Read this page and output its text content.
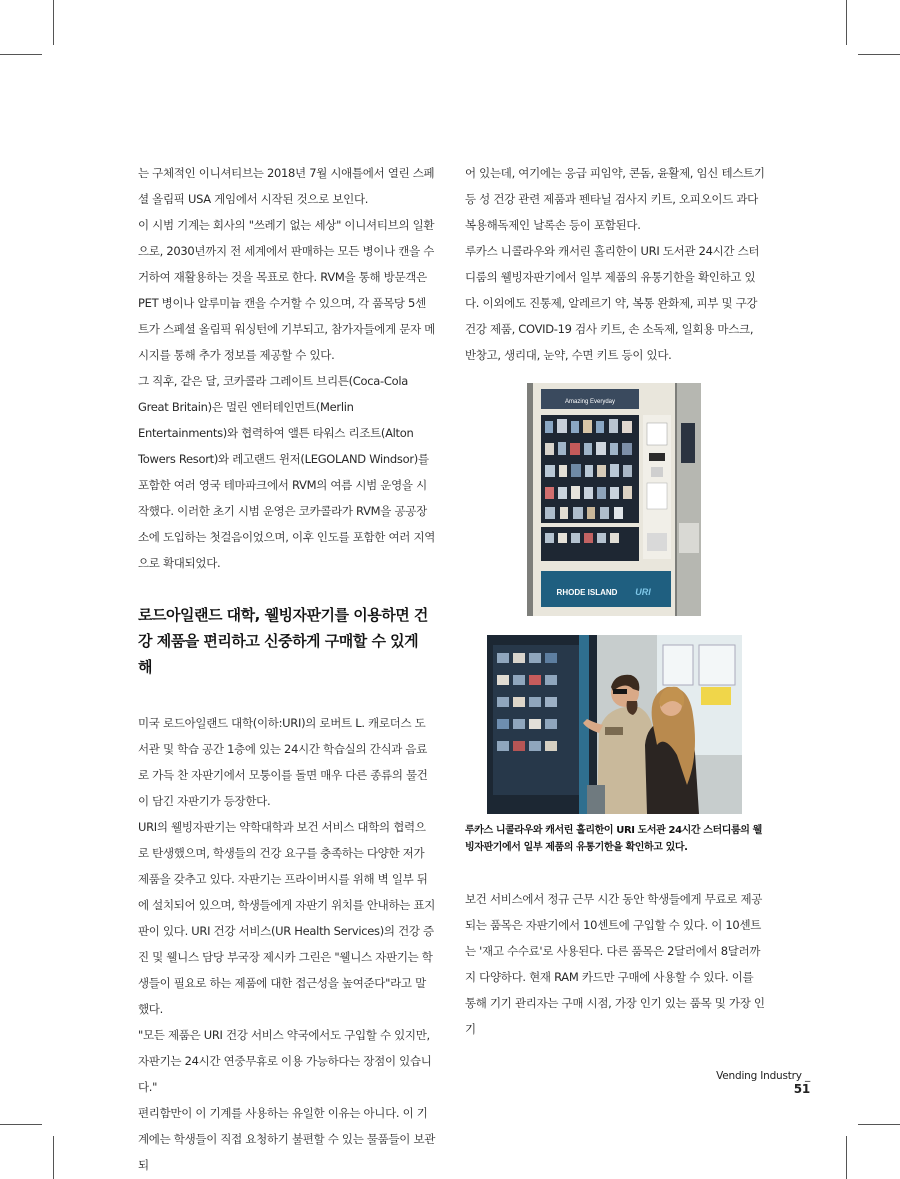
는 구체적인 이니셔티브는 2018년 7월 시애틀에서 열린 스페셜 올림픽 USA 게임에서 시작된 것으로 보인다.

이 시범 기계는 회사의 "쓰레기 없는 세상" 이니셔티브의 일환으로, 2030년까지 전 세계에서 판매하는 모든 병이나 캔을 수거하여 재활용하는 것을 목표로 한다. RVM을 통해 방문객은 PET 병이나 알루미늄 캔을 수거할 수 있으며, 각 품목당 5센트가 스페셜 올림픽 워싱턴에 기부되고, 참가자들에게 문자 메시지를 통해 추가 정보를 제공할 수 있다.

그 직후, 같은 달, 코카콜라 그레이트 브리튼(Coca-Cola Great Britain)은 멀린 엔터테인먼트(Merlin Entertainments)와 협력하여 앨튼 타워스 리조트(Alton Towers Resort)와 레고랜드 윈저(LEGOLAND Windsor)를 포함한 여러 영국 테마파크에서 RVM의 여름 시범 운영을 시작했다. 이러한 초기 시범 운영은 코카콜라가 RVM을 공공장소에 도입하는 첫걸음이었으며, 이후 인도를 포함한 여러 지역으로 확대되었다.

로드아일랜드 대학, 웰빙자판기를 이용하면 건강 제품을 편리하고 신중하게 구매할 수 있게 해

미국 로드아일랜드 대학(이하:URI)의 로버트 L. 캐로더스 도서관 및 학습 공간 1층에 있는 24시간 학습실의 간식과 음료로 가득 찬 자판기에서 모퉁이를 돌면 매우 다른 종류의 물건이 담긴 자판기가 등장한다.

URI의 웰빙자판기는 약학대학과 보건 서비스 대학의 협력으로 탄생했으며, 학생들의 건강 요구를 충족하는 다양한 저가 제품을 갖추고 있다. 자판기는 프라이버시를 위해 벽 일부 뒤에 설치되어 있으며, 학생들에게 자판기 위치를 안내하는 표지판이 있다. URI 건강 서비스(UR Health Services)의 건강 증진 및 웰니스 담당 부국장 제시카 그린은 "웰니스 자판기는 학생들이 필요로 하는 제품에 대한 접근성을 높여준다"라고 말했다.

"모든 제품은 URI 건강 서비스 약국에서도 구입할 수 있지만, 자판기는 24시간 연중무휴로 이용 가능하다는 장점이 있습니다."

편리함만이 이 기계를 사용하는 유일한 이유는 아니다. 이 기계에는 학생들이 직접 요청하기 불편할 수 있는 물품들이 보관되

어 있는데, 여기에는 응급 피임약, 콘돔, 윤활제, 임신 테스트기 등 성 건강 관련 제품과 펜타닐 검사지 키트, 오피오이드 과다복용해독제인 날록손 등이 포함된다.

루카스 니콜라우와 캐서린 홀리한이 URI 도서관 24시간 스터디룸의 웰빙자판기에서 일부 제품의 유통기한을 확인하고 있다. 이외에도 진통제, 알레르기 약, 복통 완화제, 피부 및 구강 건강 제품, COVID-19 검사 키트, 손 소독제, 일회용 마스크, 반창고, 생리대, 눈약, 수면 키트 등이 있다.

Amazing Everyday
RHODE ISLAND URI
루카스 니콜라우와 캐서린 홀리한이 URI 도서관 24시간 스터디룸의 웰빙자판기에서 일부 제품의 유통기한을 확인하고 있다.

보건 서비스에서 정규 근무 시간 동안 학생들에게 무료로 제공되는 품목은 자판기에서 10센트에 구입할 수 있다. 이 10센트는 '재고 수수료'로 사용된다. 다른 품목은 2달러에서 8달러까지 다양하다. 현재 RAM 카드만 구매에 사용할 수 있다. 이를 통해 기기 관리자는 구매 시점, 가장 인기 있는 품목 및 가장 인기

Vending Industry _ 51
